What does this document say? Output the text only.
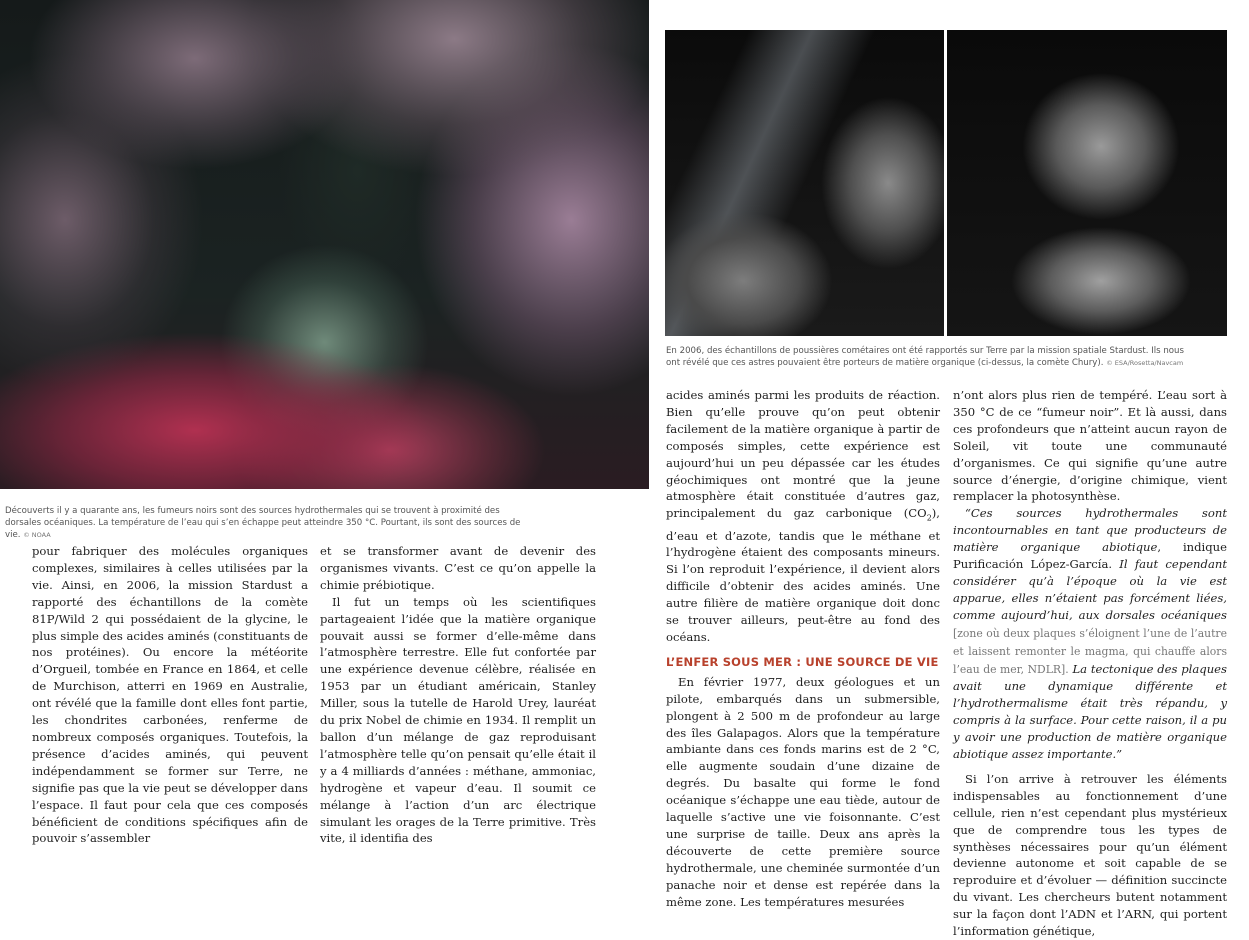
Découverts il y a quarante ans, les fumeurs noirs sont des sources hydrothermales qui se trouvent à proximité des dorsales océaniques. La température de l’eau qui s’en échappe peut atteindre 350 °C. Pourtant, ils sont des sources de vie. © NOAA
En 2006, des échantillons de poussières cométaires ont été rapportés sur Terre par la mission spatiale Stardust. Ils nous ont révélé que ces astres pouvaient être porteurs de matière organique (ci-dessus, la comète Chury). © ESA/Rosetta/Navcam

pour fabriquer des molécules organiques complexes, similaires à celles utilisées par la vie. Ainsi, en 2006, la mission Stardust a rapporté des échantillons de la comète 81P/Wild 2 qui possédaient de la glycine, le plus simple des acides aminés (constituants de nos protéines). Ou encore la météorite d’Orgueil, tombée en France en 1864, et celle de Murchison, atterri en 1969 en Australie, ont révélé que la famille dont elles font partie, les chondrites carbonées, renferme de nombreux composés organiques. Toutefois, la présence d’acides aminés, qui peuvent indépendamment se former sur Terre, ne signifie pas que la vie peut se développer dans l’espace. Il faut pour cela que ces composés bénéficient de conditions spécifiques afin de pouvoir s’assembler

et se transformer avant de devenir des organismes vivants. C’est ce qu’on appelle la chimie prébiotique.

Il fut un temps où les scientifiques partageaient l’idée que la matière organique pouvait aussi se former d’elle-même dans l’atmosphère terrestre. Elle fut confortée par une expérience devenue célèbre, réalisée en 1953 par un étudiant américain, Stanley Miller, sous la tutelle de Harold Urey, lauréat du prix Nobel de chimie en 1934. Il remplit un ballon d’un mélange de gaz reproduisant l’atmosphère telle qu’on pensait qu’elle était il y a 4 milliards d’années : méthane, ammoniac, hydrogène et vapeur d’eau. Il soumit ce mélange à l’action d’un arc électrique simulant les orages de la Terre primitive. Très vite, il identifia des

acides aminés parmi les produits de réaction. Bien qu’elle prouve qu’on peut obtenir facilement de la matière organique à partir de composés simples, cette expérience est aujourd’hui un peu dépassée car les études géochimiques ont montré que la jeune atmosphère était constituée d’autres gaz, principalement du gaz carbonique $(CO_2)$, d’eau et d’azote, tandis que le méthane et l’hydrogène étaient des composants mineurs. Si l’on reproduit l’expérience, il devient alors difficile d’obtenir des acides aminés. Une autre filière de matière organique doit donc se trouver ailleurs, peut-être au fond des océans.

L’ENFER SOUS MER : UNE SOURCE DE VIE

En février 1977, deux géologues et un pilote, embarqués dans un submersible, plongent à 2 500 m de profondeur au large des îles Galapagos. Alors que la température ambiante dans ces fonds marins est de 2 °C, elle augmente soudain d’une dizaine de degrés. Du basalte qui forme le fond océanique s’échappe une eau tiède, autour de laquelle s’active une vie foisonnante. C’est une surprise de taille. Deux ans après la découverte de cette première source hydrothermale, une cheminée surmontée d’un panache noir et dense est repérée dans la même zone. Les températures mesurées

n’ont alors plus rien de tempéré. L’eau sort à 350 °C de ce “fumeur noir”. Et là aussi, dans ces profondeurs que n’atteint aucun rayon de Soleil, vit toute une communauté d’organismes. Ce qui signifie qu’une autre source d’énergie, d’origine chimique, vient remplacer la photosynthèse.

“Ces sources hydrothermales sont incontournables en tant que producteurs de matière organique abiotique, indique Purificación López-García. Il faut cependant considérer qu’à l’époque où la vie est apparue, elles n’étaient pas forcément liées, comme aujourd’hui, aux dorsales océaniques [zone où deux plaques s’éloignent l’une de l’autre et laissent remonter le magma, qui chauffe alors l’eau de mer, NDLR]. La tectonique des plaques avait une dynamique différente et l’hydrothermalisme était très répandu, y compris à la surface. Pour cette raison, il a pu y avoir une production de matière organique abiotique assez importante.”

Si l’on arrive à retrouver les éléments indispensables au fonctionnement d’une cellule, rien n’est cependant plus mystérieux que de comprendre tous les types de synthèses nécessaires pour qu’un élément devienne autonome et soit capable de se reproduire et d’évoluer — définition succincte du vivant. Les chercheurs butent notamment sur la façon dont l’ADN et l’ARN, qui portent l’information génétique,
